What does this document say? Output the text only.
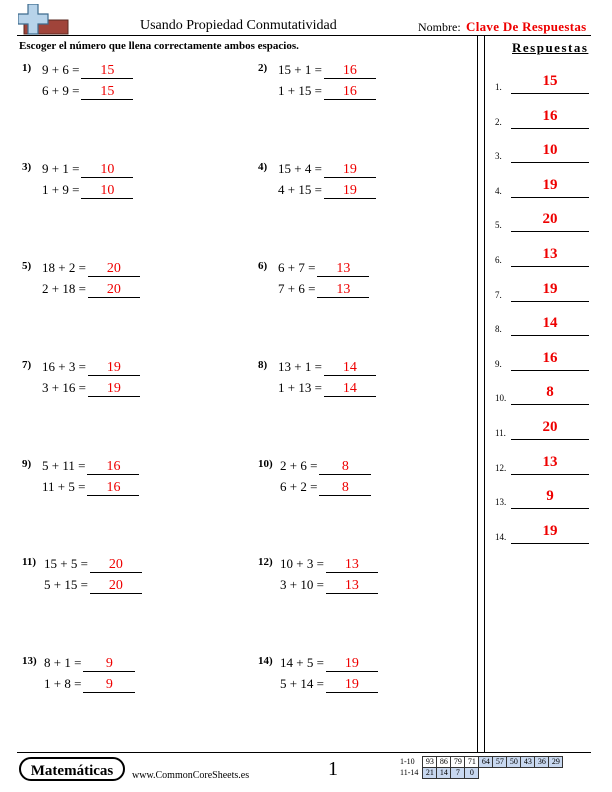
Usando Propiedad Conmutatividad	Nombre: Clave De Respuestas
Escoger el número que llena correctamente ambos espacios.	Respuestas
1) 9 + 6 = 15
6 + 9 = 15
2) 15 + 1 = 16
1 + 15 = 16
3) 9 + 1 = 10
1 + 9 = 10
4) 15 + 4 = 19
4 + 15 = 19
5) 18 + 2 = 20
2 + 18 = 20
6) 6 + 7 = 13
7 + 6 = 13
7) 16 + 3 = 19
3 + 16 = 19
8) 13 + 1 = 14
1 + 13 = 14
9) 5 + 11 = 16
11 + 5 = 16
10) 2 + 6 = 8
6 + 2 = 8
11) 15 + 5 = 20
5 + 15 = 20
12) 10 + 3 = 13
3 + 10 = 13
13) 8 + 1 = 9
1 + 8 = 9
14) 14 + 5 = 19
5 + 14 = 19
1.	15
2.	16
3.	10
4.	19
5.	20
6.	13
7.	19
8.	14
9.	16
10.	8
11.	20
12.	13
13.	9
14.	19
Matemáticas	www.CommonCoreSheets.es	1	1-10	93	86	79	71	64	57	50	43	36	29
11-14	21	14	7	0						
